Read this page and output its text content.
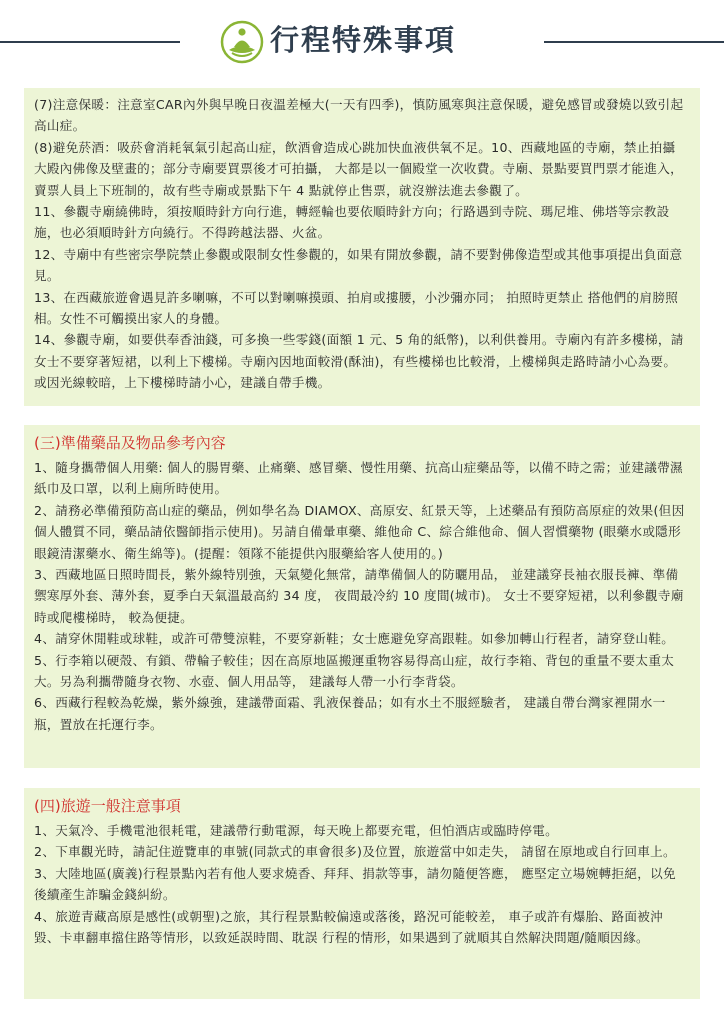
行程特殊事項

(7)注意保暖：注意室CAR內外與早晚日夜溫差極大(一天有四季)，慎防風寒與注意保暖，避免感冒或發燒以致引起高山症。

(8)避免菸酒：吸菸會消耗氧氣引起高山症，飲酒會造成心跳加快血液供氧不足。10、西藏地區的寺廟，禁止拍攝大殿內佛像及壁畫的；部分寺廟要買票後才可拍攝， 大都是以一個殿堂一次收費。寺廟、景點要買門票才能進入，賣票人員上下班制的，故有些寺廟或景點下午 4 點就停止售票，就沒辦法進去參觀了。

11、參觀寺廟繞佛時，須按順時針方向行進，轉經輪也要依順時針方向；行路遇到寺院、瑪尼堆、佛塔等宗教設施，也必須順時針方向繞行。不得跨越法器、火盆。

12、寺廟中有些密宗學院禁止參觀或限制女性參觀的，如果有開放參觀，請不要對佛像造型或其他事項提出負面意見。

13、在西藏旅遊會遇見許多喇嘛，不可以對喇嘛摸頭、拍肩或摟腰，小沙彌亦同； 拍照時更禁止 搭他們的肩膀照相。女性不可觸摸出家人的身體。

14、參觀寺廟，如要供奉香油錢，可多換一些零錢(面額 1 元、5 角的紙幣)，以利供養用。寺廟內有許多樓梯，請女士不要穿著短裙，以利上下樓梯。寺廟內因地面較滑(酥油)，有些樓梯也比較滑，上樓梯與走路時請小心為要。或因光線較暗，上下樓梯時請小心，建議自帶手機。

(三)準備藥品及物品參考內容

1、隨身攜帶個人用藥: 個人的腸胃藥、止痛藥、感冒藥、慢性用藥、抗高山症藥品等，以備不時之需；並建議帶濕紙巾及口罩，以利上廁所時使用。

2、請務必準備預防高山症的藥品，例如學名為 DIAMOX、高原安、紅景天等，上述藥品有預防高原症的效果(但因個人體質不同，藥品請依醫師指示使用)。另請自備暈車藥、維他命 C、綜合維他命、個人習慣藥物 (眼藥水或隱形眼鏡清潔藥水、衛生綿等)。(提醒：領隊不能提供內服藥給客人使用的。)

3、西藏地區日照時間長，紫外線特別強，天氣變化無常，請準備個人的防曬用品， 並建議穿長袖衣服長褲、準備禦寒厚外套、薄外套，夏季白天氣溫最高約 34 度， 夜間最冷約 10 度間(城市)。 女士不要穿短裙，以利參觀寺廟時或爬樓梯時， 較為便捷。

4、請穿休閒鞋或球鞋，或許可帶雙涼鞋，不要穿新鞋；女士應避免穿高跟鞋。如參加轉山行程者，請穿登山鞋。

5、行李箱以硬殼、有鎖、帶輪子較佳；因在高原地區搬運重物容易得高山症，故行李箱、背包的重量不要太重太大。另為利攜帶隨身衣物、水壺、個人用品等， 建議每人帶一小行李背袋。

6、西藏行程較為乾燥，紫外線強，建議帶面霜、乳液保養品；如有水土不服經驗者， 建議自帶台灣家裡開水一瓶，置放在托運行李。

(四)旅遊一般注意事項

1、天氣冷、手機電池很耗電，建議帶行動電源，每天晚上都要充電，但怕酒店或臨時停電。

2、下車觀光時，請記住遊覽車的車號(同款式的車會很多)及位置，旅遊當中如走失， 請留在原地或自行回車上。

3、大陸地區(廣義)行程景點內若有他人要求燒香、拜拜、捐款等事，請勿隨便答應， 應堅定立場婉轉拒絕，以免後續產生詐騙金錢糾紛。

4、旅遊青藏高原是感性(或朝聖)之旅，其行程景點較偏遠或落後，路況可能較差， 車子或許有爆胎、路面被沖毀、卡車翻車擋住路等情形，以致延誤時間、耽誤 行程的情形，如果遇到了就順其自然解決問題/隨順因緣。
